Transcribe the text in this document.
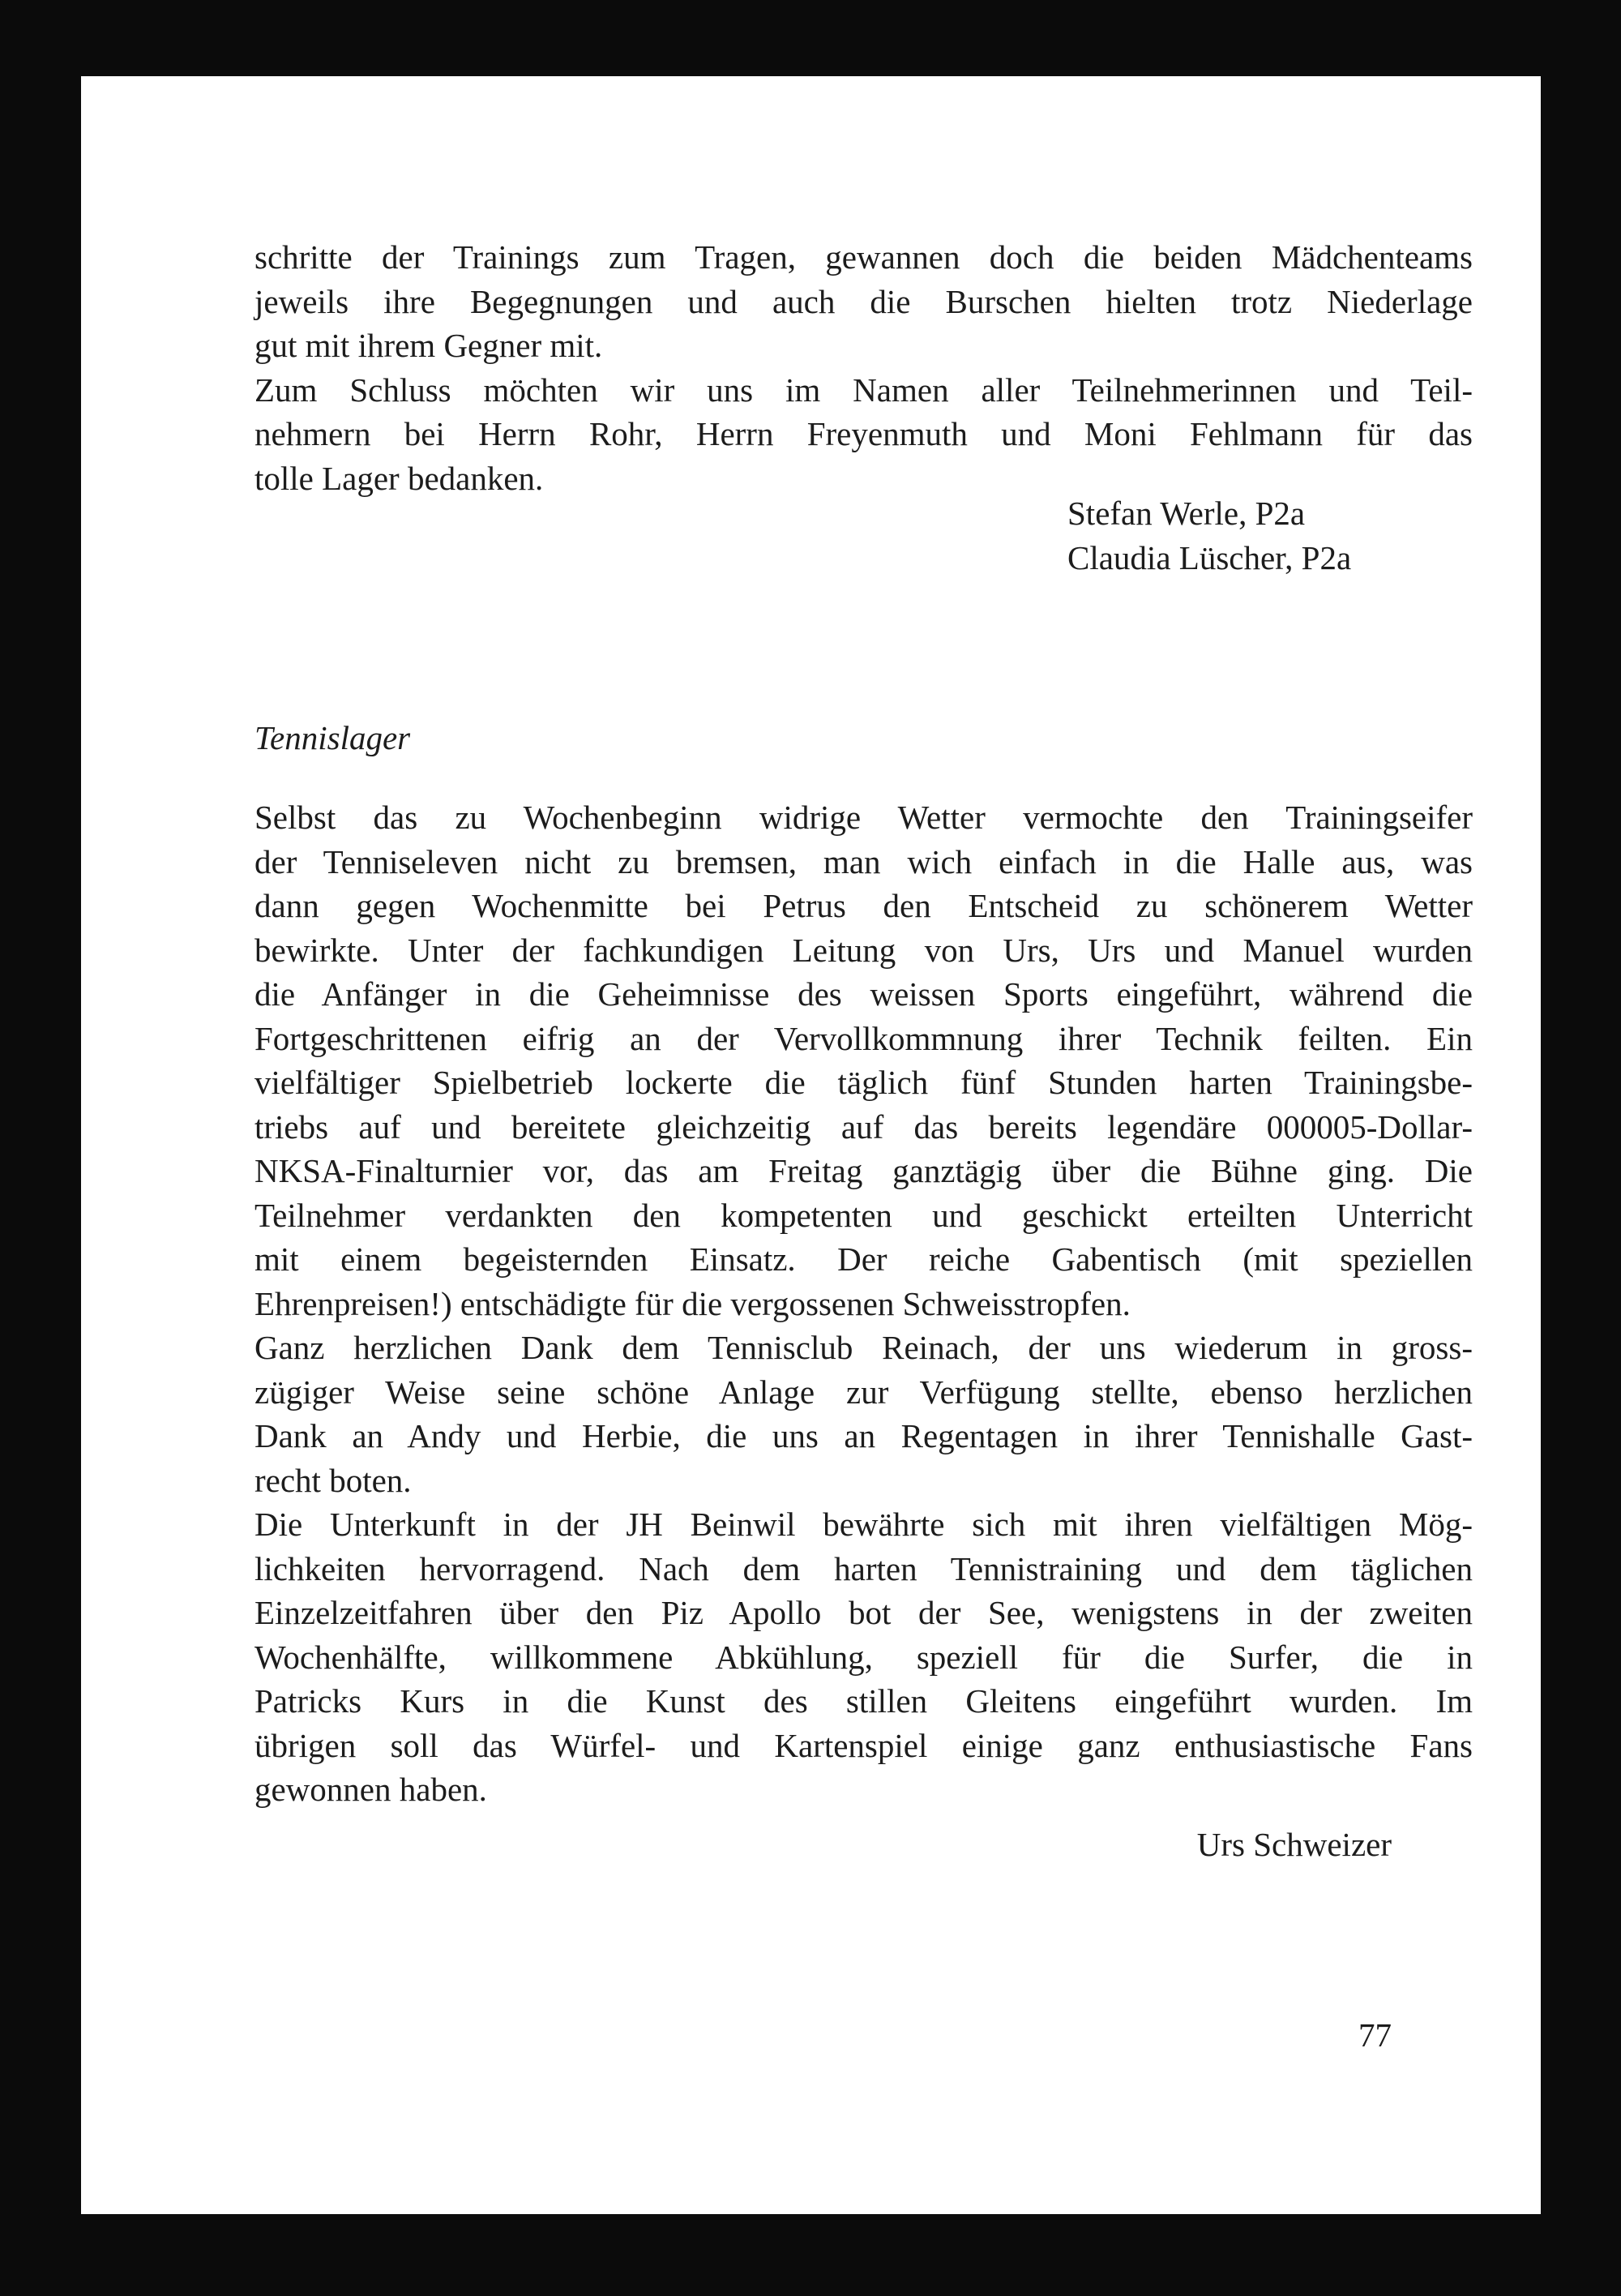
schritte der Trainings zum Tragen, gewannen doch die beiden Mädchenteams
jeweils ihre Begegnungen und auch die Burschen hielten trotz Niederlage
gut mit ihrem Gegner mit.
Zum Schluss möchten wir uns im Namen aller Teilnehmerinnen und Teil-
nehmern bei Herrn Rohr, Herrn Freyenmuth und Moni Fehlmann für das
tolle Lager bedanken.
Stefan Werle, P2a
Claudia Lüscher, P2a
Tennislager
Selbst das zu Wochenbeginn widrige Wetter vermochte den Trainingseifer
der Tenniseleven nicht zu bremsen, man wich einfach in die Halle aus, was
dann gegen Wochenmitte bei Petrus den Entscheid zu schönerem Wetter
bewirkte. Unter der fachkundigen Leitung von Urs, Urs und Manuel wurden
die Anfänger in die Geheimnisse des weissen Sports eingeführt, während die
Fortgeschrittenen eifrig an der Vervollkommnung ihrer Technik feilten. Ein
vielfältiger Spielbetrieb lockerte die täglich fünf Stunden harten Trainingsbe-
triebs auf und bereitete gleichzeitig auf das bereits legendäre 000005-Dollar-
NKSA-Finalturnier vor, das am Freitag ganztägig über die Bühne ging. Die
Teilnehmer verdankten den kompetenten und geschickt erteilten Unterricht
mit einem begeisternden Einsatz. Der reiche Gabentisch (mit speziellen
Ehrenpreisen!) entschädigte für die vergossenen Schweisstropfen.
Ganz herzlichen Dank dem Tennisclub Reinach, der uns wiederum in gross-
zügiger Weise seine schöne Anlage zur Verfügung stellte, ebenso herzlichen
Dank an Andy und Herbie, die uns an Regentagen in ihrer Tennishalle Gast-
recht boten.
Die Unterkunft in der JH Beinwil bewährte sich mit ihren vielfältigen Mög-
lichkeiten hervorragend. Nach dem harten Tennistraining und dem täglichen
Einzelzeitfahren über den Piz Apollo bot der See, wenigstens in der zweiten
Wochenhälfte, willkommene Abkühlung, speziell für die Surfer, die in
Patricks Kurs in die Kunst des stillen Gleitens eingeführt wurden. Im
übrigen soll das Würfel- und Kartenspiel einige ganz enthusiastische Fans
gewonnen haben.
Urs Schweizer
77
